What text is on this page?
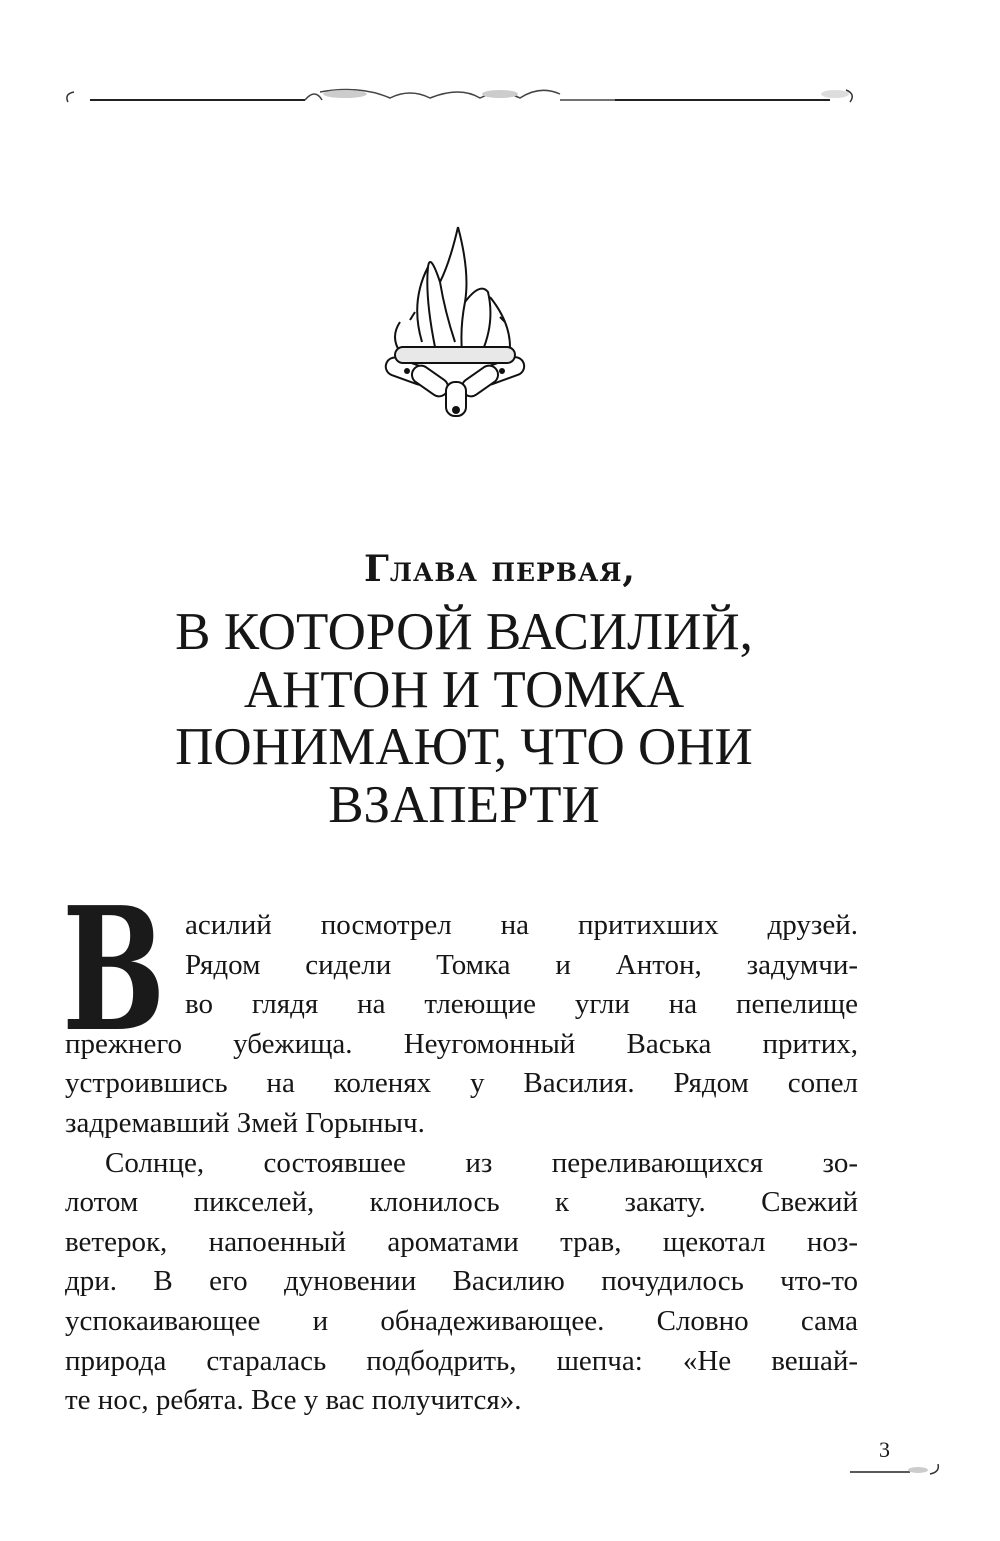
Глава первая,
В КОТОРОЙ ВАСИЛИЙ,
АНТОН И ТОМКА
ПОНИМАЮТ, ЧТО ОНИ
ВЗАПЕРТИ
В асилий посмотрел на притихших друзей.
Рядом сидели Томка и Антон, задумчи-
во глядя на тлеющие угли на пепелище
прежнего убежища. Неугомонный Васька притих,
устроившись на коленях у Василия. Рядом сопел
задремавший Змей Горыныч.
Солнце, состоявшее из переливающихся зо-
лотом пикселей, клонилось к закату. Свежий
ветерок, напоенный ароматами трав, щекотал ноз-
дри. В его дуновении Василию почудилось что-то
успокаивающее и обнадеживающее. Словно сама
природа старалась подбодрить, шепча: «Не вешай-
те нос, ребята. Все у вас получится».
3
